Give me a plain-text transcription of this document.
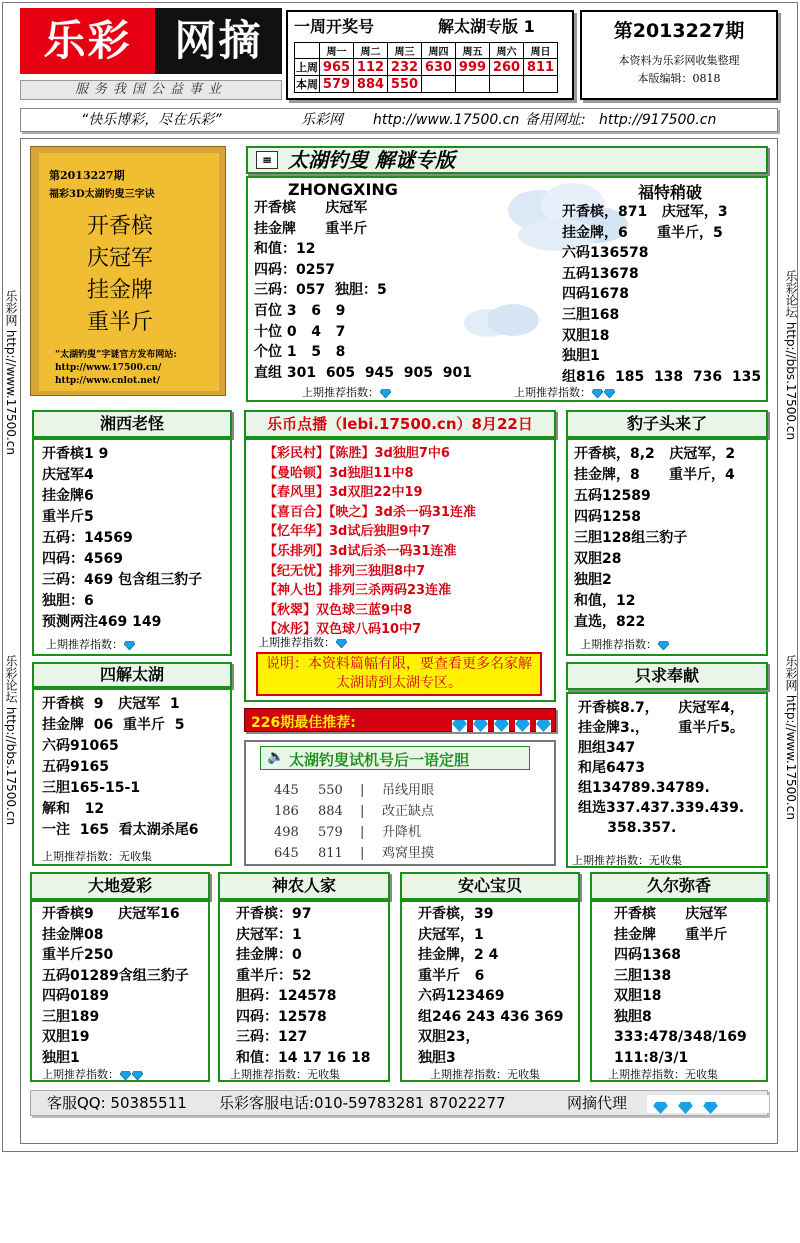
乐彩	网摘
服务我国公益事业
一周开奖号	解太湖专版 1
	周一	周二	周三	周四	周五	周六	周日
上周	965	112	232	630	999	260	811
本周	579	884	550				
第2013227期
本资料为乐彩网收集整理
本版编辑：0818
“快乐博彩，尽在乐彩”	乐彩网 http://www.17500.cn 备用网址: http://917500.cn
乐彩网 http://www.17500.cn
乐彩论坛 http://bbs.17500.cn
乐彩论坛 http://bbs.17500.cn
乐彩网 http://www.17500.cn
第2013227期
福彩3D太湖钓叟三字诀
开香槟
庆冠军
挂金牌
重半斤
“太湖钓叟”字谜官方发布网站:
http://www.17500.cn/
http://www.cnlot.net/
≡ 太湖钓叟 解谜专版
ZHONGXING
开香槟      庆冠军
挂金牌      重半斤
和值：12
四码：0257
三码：057  独胆：5
百位 3   6   9
十位 0   4   7
个位 1   5   8
直组 301  605  945  905  901
福特稍破
开香槟，871   庆冠军，3
挂金牌，6      重半斤，5
六码136578
五码13678
四码1678
三胆168
双胆18
独胆1
组816  185  138  736  135
上期推荐指数：	上期推荐指数：
湘西老怪
开香槟1 9
庆冠军4
挂金牌6
重半斤5
五码：14569
四码：4569
三码：469 包含组三豹子
独胆：6
预测两注469 149
上期推荐指数：
乐币点播（lebi.17500.cn）8月22日
【彩民村】【陈胜】3d独胆7中6
【曼哈顿】3d独胆11中8
【春风里】3d双胆22中19
【喜百合】【映之】3d杀一码31连准
【忆年华】3d试后独胆9中7
【乐排列】3d试后杀一码31连准
【纪无忧】排列三独胆8中7
【神人也】排列三杀两码23连准
【秋翠】双色球三蓝9中8
【冰彤】双色球八码10中7
上期推荐指数：
说明：本资料篇幅有限，要查看更多名家解太湖请到太湖专区。
豹子头来了
开香槟，8,2   庆冠军，2
挂金牌，8      重半斤，4
五码12589
四码1258
三胆128组三豹子
双胆28
独胆2
和值，12
直选，822
上期推荐指数：
四解太湖
开香槟  9   庆冠军  1
挂金牌  06  重半斤  5
六码91065
五码9165
三胆165-15-1
解和   12
一注  165  看太湖杀尾6
上期推荐指数：无收集
226期最佳推荐:

🔈 太湖钓叟试机号后一语定胆
445 550 | 吊线用眼
186 884 | 改正缺点
498 579 | 升降机
645 811 | 鸡窝里摸
只求奉献
开香槟8.7，    庆冠军4，
挂金牌3.，      重半斤5。
胆组347
和尾6473
组134789.34789.
组选337.437.339.439.
358.357.
上期推荐指数：无收集
大地爱彩
开香槟9     庆冠军16
挂金牌08
重半斤250
五码01289含组三豹子
四码0189
三胆189
双胆19
独胆1
上期推荐指数：
神农人家
开香槟：97
庆冠军：1
挂金牌：0
重半斤：52
胆码：124578
四码：12578
三码：127
和值：14 17 16 18
上期推荐指数：无收集
安心宝贝
开香槟，39
庆冠军，1
挂金牌，2 4
重半斤   6
六码123469
组246 243 436 369
双胆23，
独胆3
上期推荐指数：无收集
久尔弥香
开香槟      庆冠军
挂金牌      重半斤
四码1368
三胆138
双胆18
独胆8
333:478/348/169
111:8/3/1
上期推荐指数：无收集
客服QQ: 50385511 乐彩客服电话:010-59783281 87022277	网摘代理
